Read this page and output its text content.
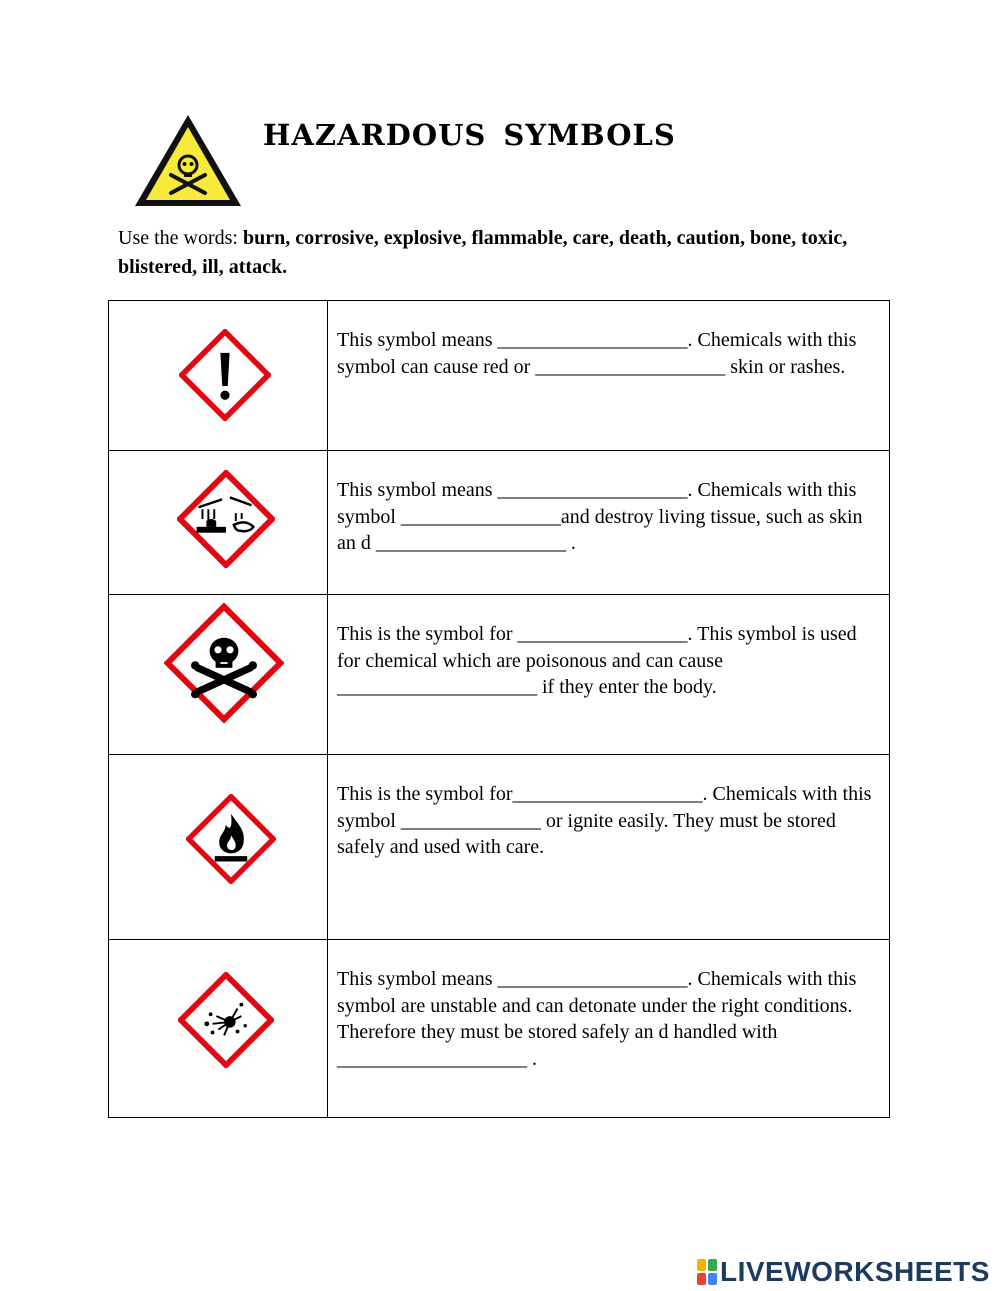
HAZARDOUS SYMBOLS
Use the words: burn, corrosive, explosive, flammable, care, death, caution, bone, toxic, blistered, ill, attack.
	This symbol means ___________________. Chemicals with this symbol can cause red or ___________________ skin or rashes.

	This symbol means ___________________. Chemicals with this symbol ________________and destroy living tissue, such as skin an d ___________________ .

	This is the symbol for _________________. This symbol is used for chemical which are poisonous and can cause ____________________ if they enter the body.

	This is the symbol for___________________. Chemicals with this symbol ______________ or ignite easily. They must be stored safely and used with care.

	This symbol means ___________________. Chemicals with this symbol are unstable and can detonate under the right conditions. Therefore they must be stored safely an d handled with ___________________ .
LIVEWORKSHEETS
